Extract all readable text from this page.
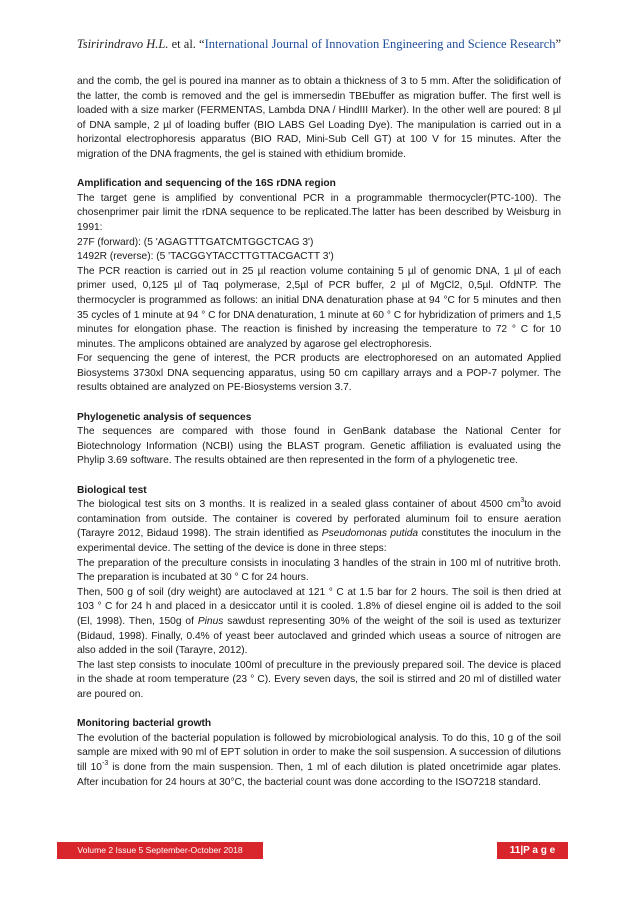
Tsiririndravo H.L. et al. “International Journal of Innovation Engineering and Science Research”

and the comb, the gel is poured ina manner as to obtain a thickness of 3 to 5 mm. After the solidification of the latter, the comb is removed and the gel is immersedin TBEbuffer as migration buffer. The first well is loaded with a size marker (FERMENTAS, Lambda DNA / HindIII Marker). In the other well are poured: 8 µl of DNA sample, 2 µl of loading buffer (BIO LABS Gel Loading Dye). The manipulation is carried out in a horizontal electrophoresis apparatus (BIO RAD, Mini-Sub Cell GT) at 100 V for 15 minutes. After the migration of the DNA fragments, the gel is stained with ethidium bromide.

Amplification and sequencing of the 16S rDNA region

The target gene is amplified by conventional PCR in a programmable thermocycler(PTC-100). The chosenprimer pair limit the rDNA sequence to be replicated.The latter has been described by Weisburg in 1991:

27F (forward): (5 'AGAGTTTGATCMTGGCTCAG 3')

1492R (reverse): (5 'TACGGYTACCTTGTTACGACTT 3')

The PCR reaction is carried out in 25 µl reaction volume containing 5 µl of genomic DNA, 1 µl of each primer used, 0,125 µl of Taq polymerase, 2,5µl of PCR buffer, 2 µl of MgCl2, 0,5µl. OfdNTP. The thermocycler is programmed as follows: an initial DNA denaturation phase at 94 °C for 5 minutes and then 35 cycles of 1 minute at 94 ° C for DNA denaturation, 1 minute at 60 ° C for hybridization of primers and 1,5 minutes for elongation phase. The reaction is finished by increasing the temperature to 72 ° C for 10 minutes. The amplicons obtained are analyzed by agarose gel electrophoresis.

For sequencing the gene of interest, the PCR products are electrophoresed on an automated Applied Biosystems 3730xl DNA sequencing apparatus, using 50 cm capillary arrays and a POP-7 polymer. The results obtained are analyzed on PE-Biosystems version 3.7.

Phylogenetic analysis of sequences

The sequences are compared with those found in GenBank database the National Center for Biotechnology Information (NCBI) using the BLAST program. Genetic affiliation is evaluated using the Phylip 3.69 software. The results obtained are then represented in the form of a phylogenetic tree.

Biological test

The biological test sits on 3 months. It is realized in a sealed glass container of about 4500 $cm^3to$ avoid contamination from outside. The container is covered by perforated aluminum foil to ensure aeration (Tarayre 2012, Bidaud 1998). The strain identified as Pseudomonas putida constitutes the inoculum in the experimental device. The setting of the device is done in three steps:

The preparation of the preculture consists in inoculating 3 handles of the strain in 100 ml of nutritive broth. The preparation is incubated at 30 ° C for 24 hours.

Then, 500 g of soil (dry weight) are autoclaved at 121 ° C at 1.5 bar for 2 hours. The soil is then dried at 103 ° C for 24 h and placed in a desiccator until it is cooled. 1.8% of diesel engine oil is added to the soil (El, 1998). Then, 150g of Pinus sawdust representing 30% of the weight of the soil is used as texturizer (Bidaud, 1998). Finally, 0.4% of yeast beer autoclaved and grinded which useas a source of nitrogen are also added in the soil (Tarayre, 2012).

The last step consists to inoculate 100ml of preculture in the previously prepared soil. The device is placed in the shade at room temperature (23 ° C). Every seven days, the soil is stirred and 20 ml of distilled water are poured on.

Monitoring bacterial growth

The evolution of the bacterial population is followed by microbiological analysis. To do this, 10 g of the soil sample are mixed with 90 ml of EPT solution in order to make the soil suspension. A succession of dilutions till $10^{-3}$ is done from the main suspension. Then, 1 ml of each dilution is plated oncetrimide agar plates. After incubation for 24 hours at 30°C, the bacterial count was done according to the ISO7218 standard.

Volume 2 Issue 5 September-October 2018	11|P a g e
